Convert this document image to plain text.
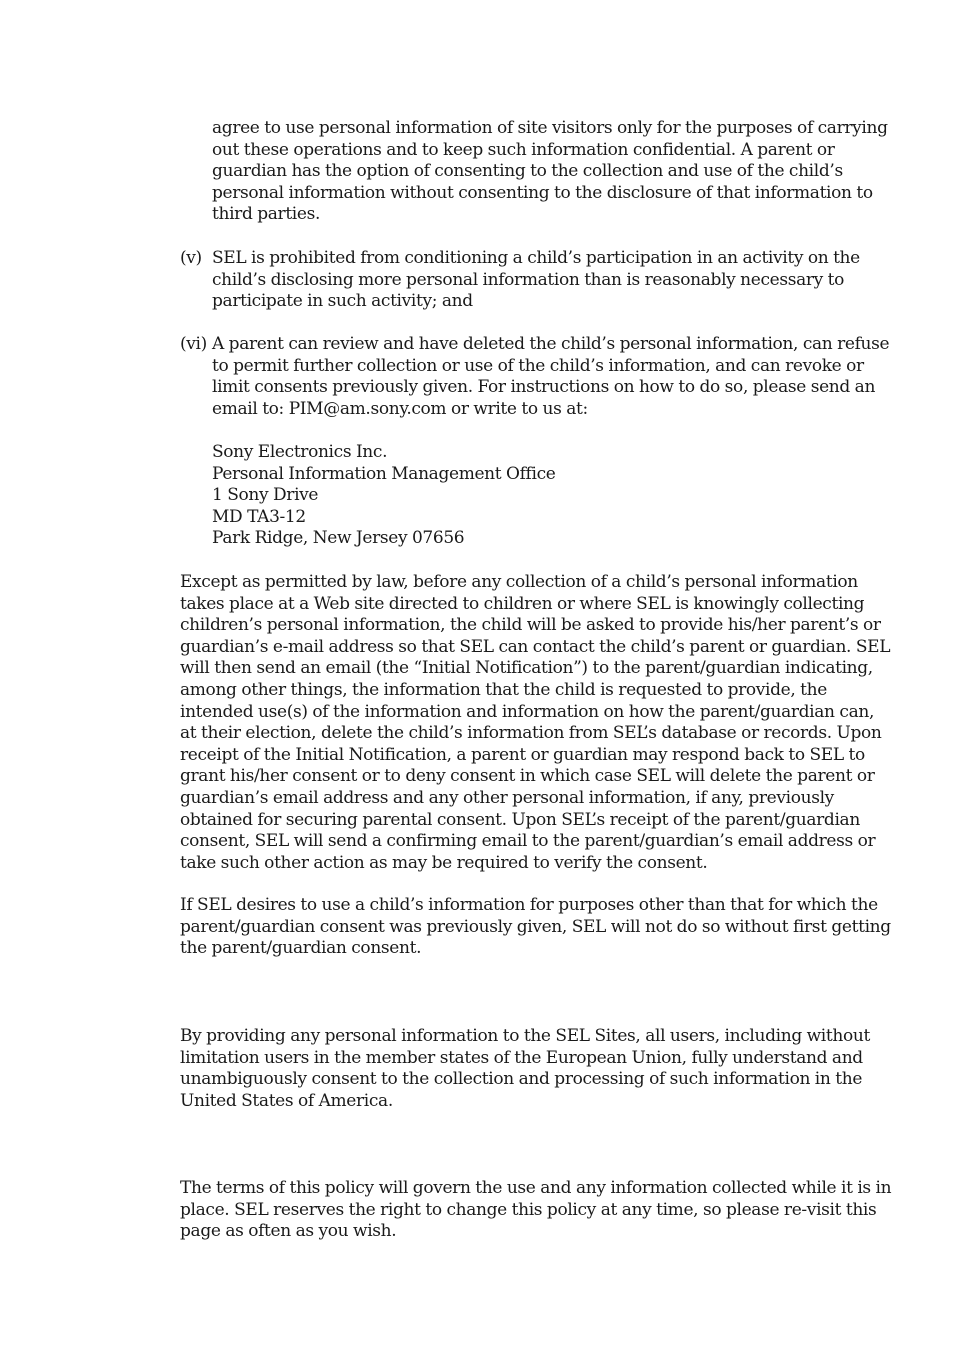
agree to use personal information of site visitors only for the purposes of carrying out these operations and to keep such information confidential. A parent or guardian has the option of consenting to the collection and use of the child’s personal information without consenting to the disclosure of that information to third parties.

(v) SEL is prohibited from conditioning a child’s participation in an activity on the child’s disclosing more personal information than is reasonably necessary to participate in such activity; and
(vi) A parent can review and have deleted the child’s personal information, can refuse to permit further collection or use of the child’s information, and can revoke or limit consents previously given. For instructions on how to do so, please send an email to: PIM@am.sony.com or write to us at:
Sony Electronics Inc.
Personal Information Management Office
1 Sony Drive
MD TA3-12
Park Ridge, New Jersey 07656

Except as permitted by law, before any collection of a child’s personal information takes place at a Web site directed to children or where SEL is knowingly collecting children’s personal information, the child will be asked to provide his/her parent’s or guardian’s e-mail address so that SEL can contact the child’s parent or guardian. SEL will then send an email (the “Initial Notification”) to the parent/guardian indicating, among other things, the information that the child is requested to provide, the intended use(s) of the information and information on how the parent/guardian can, at their election, delete the child’s information from SEL’s database or records. Upon receipt of the Initial Notification, a parent or guardian may respond back to SEL to grant his/her consent or to deny consent in which case SEL will delete the parent or guardian’s email address and any other personal information, if any, previously obtained for securing parental consent. Upon SEL’s receipt of the parent/guardian consent, SEL will send a confirming email to the parent/guardian’s email address or take such other action as may be required to verify the consent.

If SEL desires to use a child’s information for purposes other than that for which the parent/guardian consent was previously given, SEL will not do so without first getting the parent/guardian consent.

By providing any personal information to the SEL Sites, all users, including without limitation users in the member states of the European Union, fully understand and unambiguously consent to the collection and processing of such information in the United States of America.

The terms of this policy will govern the use and any information collected while it is in place. SEL reserves the right to change this policy at any time, so please re-visit this page as often as you wish.
